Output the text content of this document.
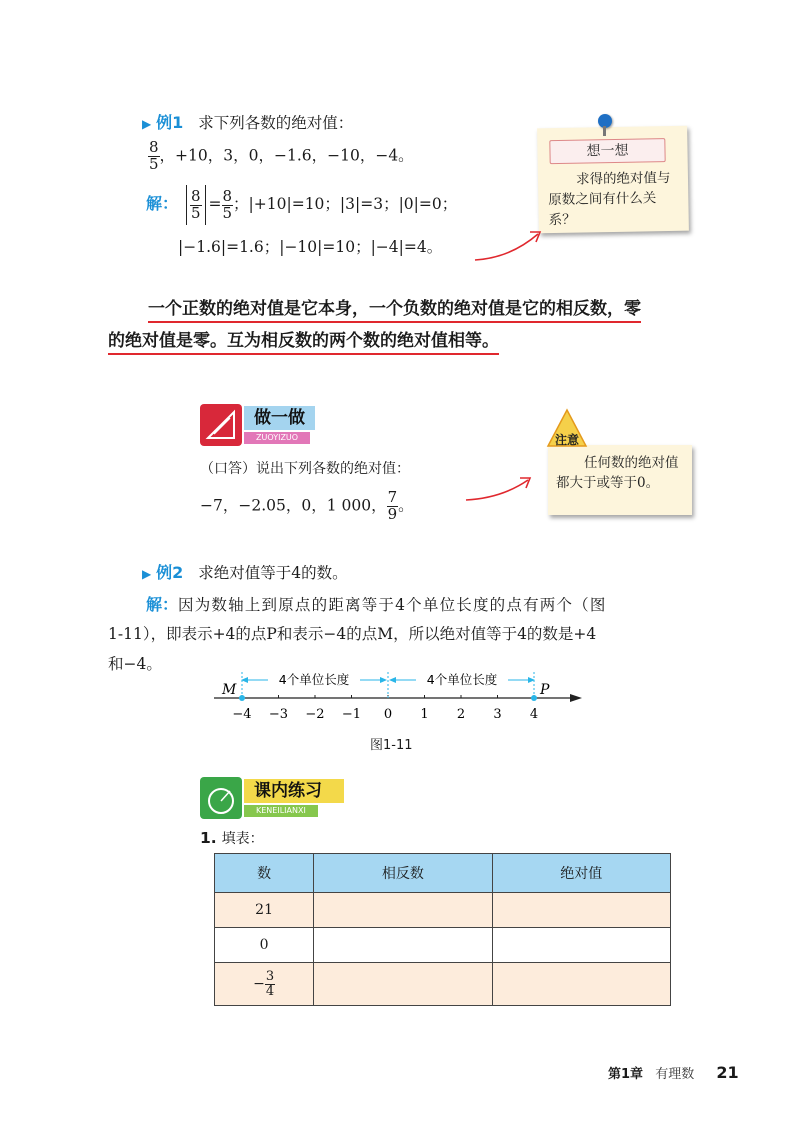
▶ 例1 求下列各数的绝对值：
$\frac{8}{5}$ ，+10，3，0，−1.6，−10，−4。
解： $\frac{8}{5} = \frac{8}{5}$ ；|+10|=10；|3|=3；|0|=0；
|−1.6|=1.6；|−10|=10；|−4|=4。
想一想
求得的绝对值与原数之间有什么关系？
一个正数的绝对值是它本身，一个负数的绝对值是它的相反数，零
的绝对值是零。互为相反数的两个数的绝对值相等。
做一做
ZUOYIZUO
（口答）说出下列各数的绝对值：
−7，−2.05，0，1 000， $\frac{7}{9}$ 。
任何数的绝对值都大于或等于0。
注意
▶ 例2 求绝对值等于4的数。
解：因为数轴上到原点的距离等于4个单位长度的点有两个（图
1-11），即表示+4的点P和表示−4的点M，所以绝对值等于4的数是+4
和−4。
−4 −3 −2 −1 0 1 2 3 4
4个单位长度	4个单位长度
M	P
图1-11
课内练习
KENEILIANXI
1. 填表：
数	相反数	绝对值
21		
0		
− $\frac{3}{4}$

第1章 有理数 21
